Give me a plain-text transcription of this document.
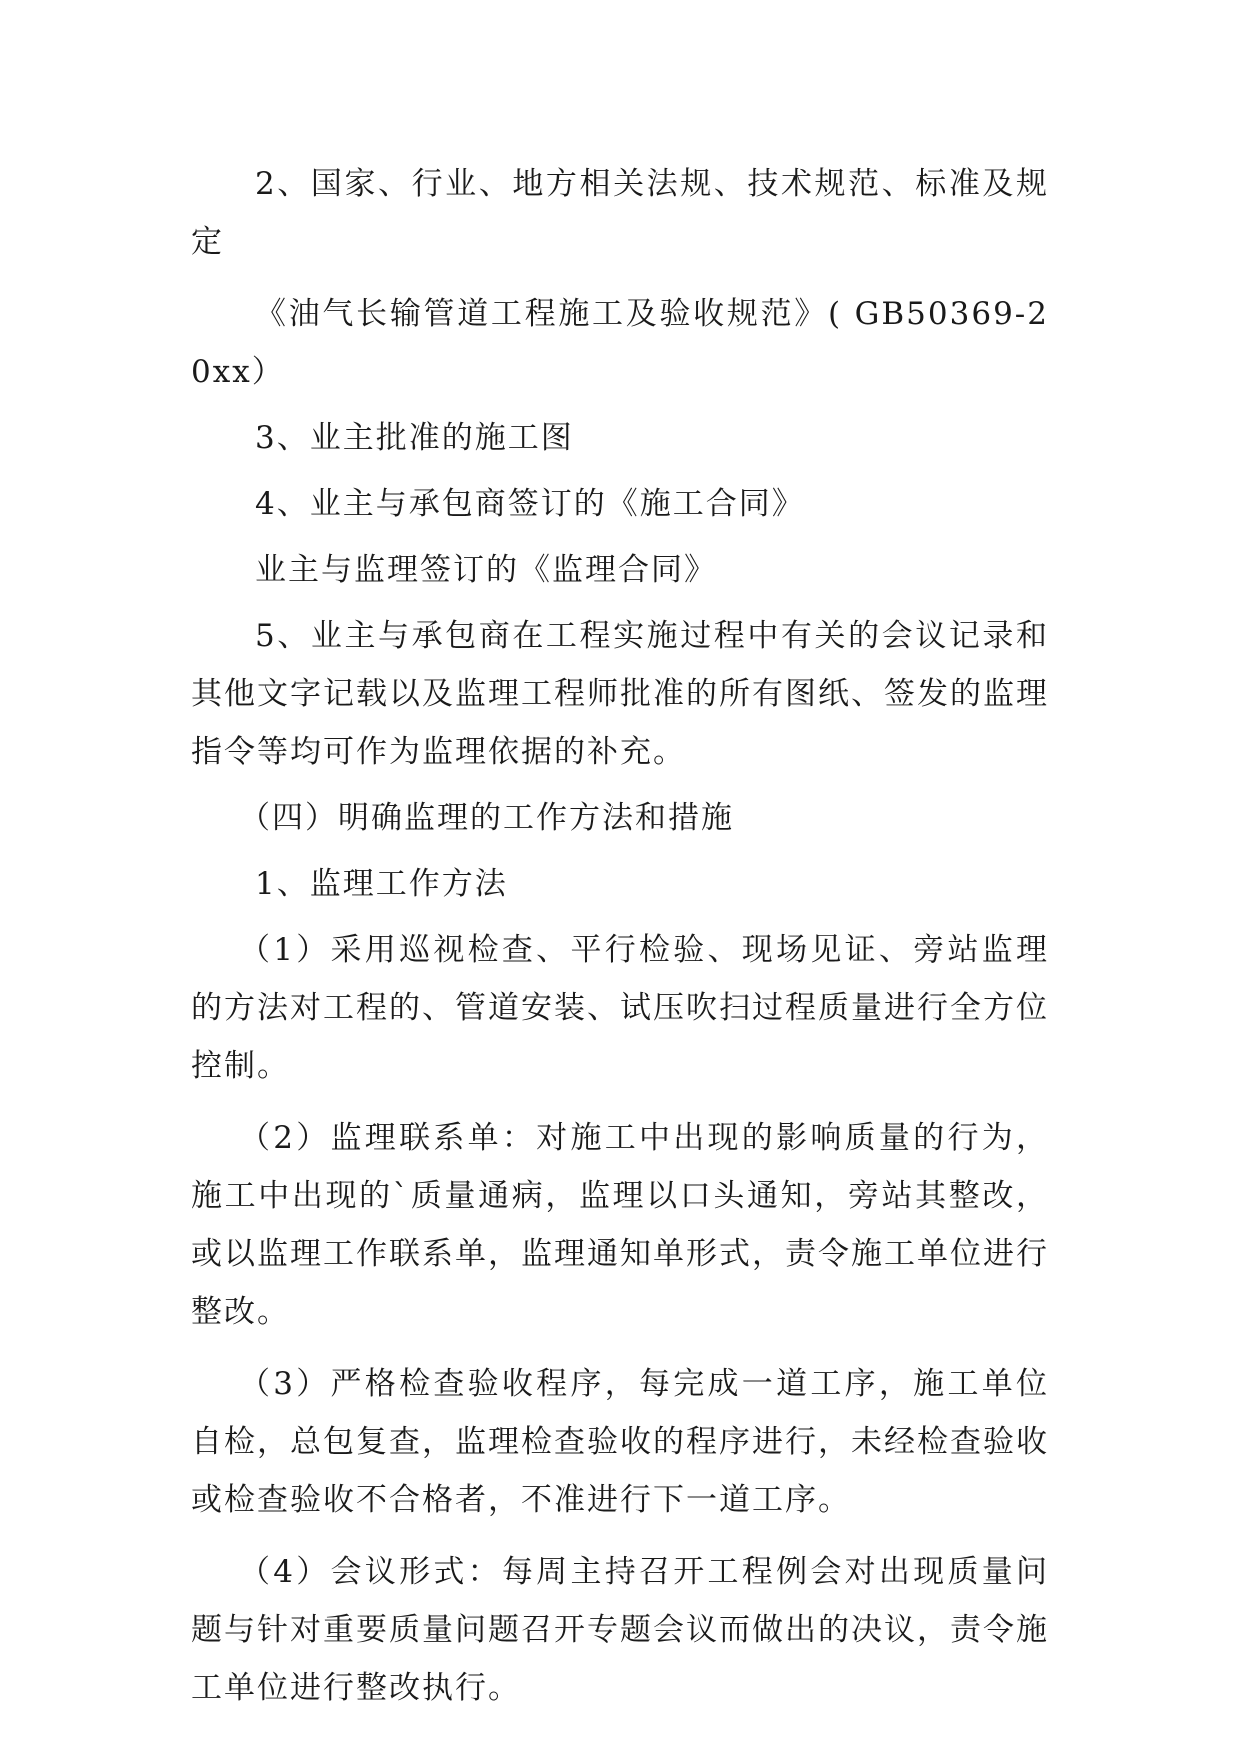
2、国家、行业、地方相关法规、技术规范、标准及规定

《油气长输管道工程施工及验收规范》( GB50369-20xx）

3、业主批准的施工图

4、业主与承包商签订的《施工合同》

业主与监理签订的《监理合同》

5、业主与承包商在工程实施过程中有关的会议记录和其他文字记载以及监理工程师批准的所有图纸、签发的监理指令等均可作为监理依据的补充。

（四）明确监理的工作方法和措施

1、监理工作方法

（1）采用巡视检查、平行检验、现场见证、旁站监理的方法对工程的、管道安装、试压吹扫过程质量进行全方位控制。

（2）监理联系单：对施工中出现的影响质量的行为，施工中出现的`质量通病，监理以口头通知，旁站其整改，或以监理工作联系单，监理通知单形式，责令施工单位进行整改。

（3）严格检查验收程序，每完成一道工序，施工单位自检，总包复查，监理检查验收的程序进行，未经检查验收或检查验收不合格者，不准进行下一道工序。

（4）会议形式：每周主持召开工程例会对出现质量问题与针对重要质量问题召开专题会议而做出的决议，责令施工单位进行整改执行。
